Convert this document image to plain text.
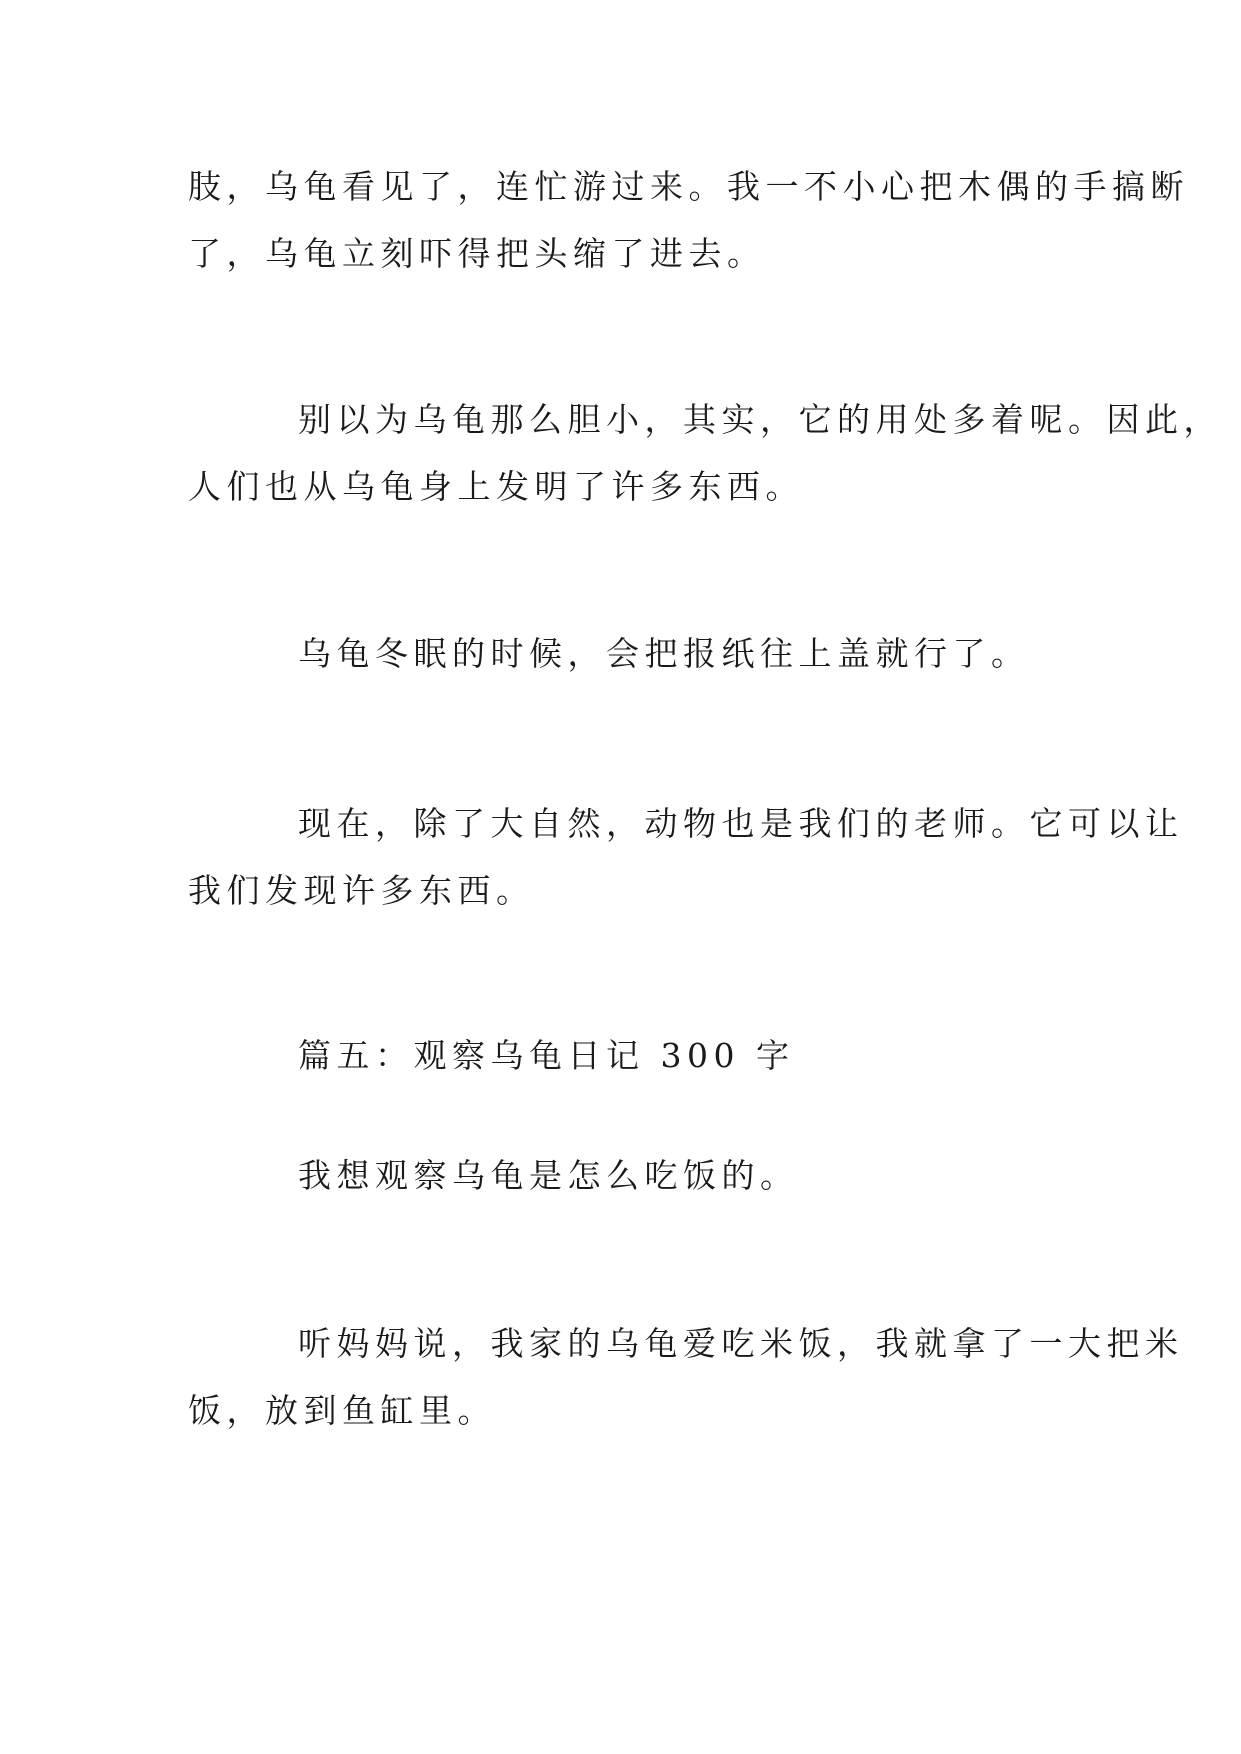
肢，乌龟看见了，连忙游过来。我一不小心把木偶的手搞断
了，乌龟立刻吓得把头缩了进去。

别以为乌龟那么胆小，其实，它的用处多着呢。因此，
人们也从乌龟身上发明了许多东西。

乌龟冬眠的时候，会把报纸往上盖就行了。

现在，除了大自然，动物也是我们的老师。它可以让
我们发现许多东西。

篇五：观察乌龟日记 300 字

我想观察乌龟是怎么吃饭的。

听妈妈说，我家的乌龟爱吃米饭，我就拿了一大把米
饭，放到鱼缸里。
